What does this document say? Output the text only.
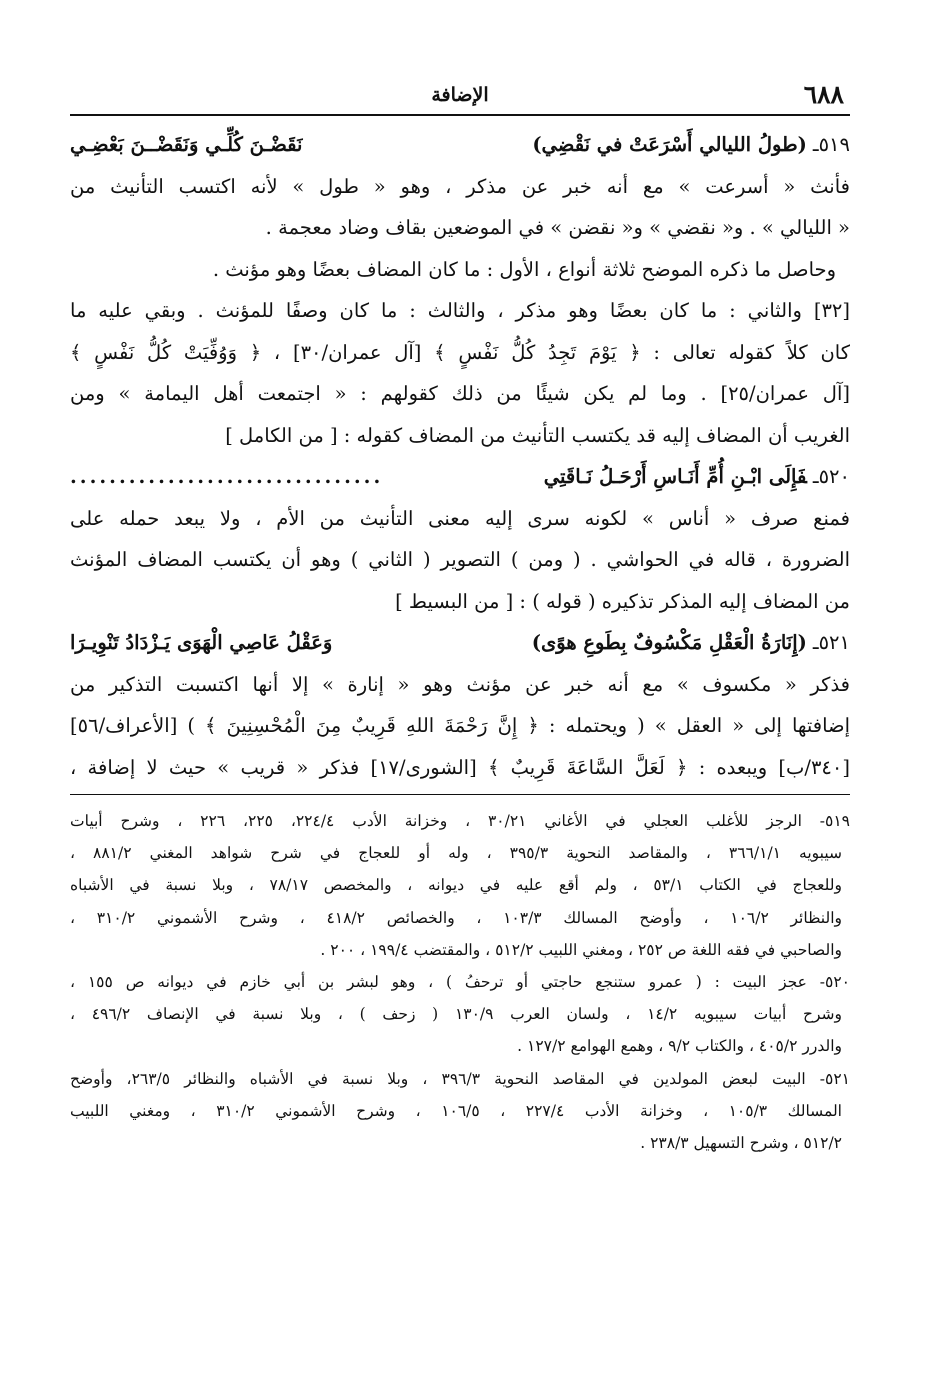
٦٨٨
الإضافة
٥١٩ـ(طولُ الليالي أَسْرَعَتْ في نَقْضِي)
نَقَضْـنَ كُلِّـي وَنَقَضْــنَ بَعْضِـي
فأنث « أسرعت » مع أنه خبر عن مذكر ، وهو « طول » لأنه اكتسب التأنيث من
« الليالي » . و« نقضي » و« نقضن » في الموضعين بقاف وضاد معجمة .
وحاصل ما ذكره الموضح ثلاثة أنواع ، الأول : ما كان المضاف بعضًا وهو مؤنث .
[٣٢] والثاني : ما كان بعضًا وهو مذكر ، والثالث : ما كان وصفًا للمؤنث . وبقي عليه ما
كان كلاً كقوله تعالى : ﴿ يَوْمَ تَجِدُ كُلُّ نَفْسٍ ﴾ [آل عمران/٣٠] ، ﴿ وَوُفِّيَتْ كُلُّ نَفْسٍ ﴾
[آل عمران/٢٥] . وما لم يكن شيئًا من ذلك كقولهم : « اجتمعت أهل اليمامة » ومن
الغريب أن المضاف إليه قد يكتسب التأنيث من المضاف كقوله : [ من الكامل ]
٥٢٠ـفَإِلَى ابْـنِ أُمِّ أَنَـاسِ أَرْحَـلُ نَـاقَتِي
................................
فمنع صرف « أناس » لكونه سرى إليه معنى التأنيث من الأم ، ولا يبعد حمله على
الضرورة ، قاله في الحواشي . ( ومن ) التصوير ( الثاني ) وهو أن يكتسب المضاف المؤنث
من المضاف إليه المذكر تذكيره ( قوله ) : [ من البسيط ]
٥٢١ـ(إِنَارَةُ الْعَقْلِ مَكْسُوفٌ بِطَوعِ هوًى)
وَعَقْلُ عَاصِي الْهَوَى يَـزْدَادُ تَنْوِيـرَا
فذكر « مكسوف » مع أنه خبر عن مؤنث وهو « إنارة » إلا أنها اكتسبت التذكير من
إضافتها إلى « العقل » ( ويحتمله : ﴿ إِنَّ رَحْمَةَ اللهِ قَرِيبٌ مِنَ الْمُحْسِنِينَ ﴾ ) [الأعراف/٥٦]
[٣٤٠/ب] ويبعده : ﴿ لَعَلَّ السَّاعَةَ قَرِيبٌ ﴾ [الشورى/١٧] فذكر « قريب » حيث لا إضافة ،
٥١٩- الرجز للأغلب العجلي في الأغاني ٣٠/٢١ ، وخزانة الأدب ٢٢٤/٤، ٢٢٥، ٢٢٦ ، وشرح أبيات
سيبويه ٣٦٦/١/١ ، والمقاصد النحوية ٣٩٥/٣ ، وله أو للعجاج في شرح شواهد المغني ٨٨١/٢ ،
وللعجاج في الكتاب ٥٣/١ ، ولم أقع عليه في ديوانه ، والمخصص ٧٨/١٧ ، وبلا نسبة في الأشباه
والنظائر ١٠٦/٢ ، وأوضح المسالك ١٠٣/٣ ، والخصائص ٤١٨/٢ ، وشرح الأشموني ٣١٠/٢ ،
والصاحبي في فقه اللغة ص ٢٥٢ ، ومغني اللبيب ٥١٢/٢ ، والمقتضب ١٩٩/٤ ، ٢٠٠ .
٥٢٠- عجز البيت : ( عمرو ستنجع حاجتي أو ترحفُ ) ، وهو لبشر بن أبي خازم في ديوانه ص ١٥٥ ،
وشرح أبيات سيبويه ١٤/٢ ، ولسان العرب ١٣٠/٩ ( زحف ) ، وبلا نسبة في الإنصاف ٤٩٦/٢ ،
والدرر ٤٠٥/٢ ، والكتاب ٩/٢ ، وهمع الهوامع ١٢٧/٢ .
٥٢١- البيت لبعض المولدين في المقاصد النحوية ٣٩٦/٣ ، وبلا نسبة في الأشباه والنظائر ٢٦٣/٥، وأوضح
المسالك ١٠٥/٣ ، وخزانة الأدب ٢٢٧/٤ ، ١٠٦/٥ ، وشرح الأشموني ٣١٠/٢ ، ومغني اللبيب
٥١٢/٢ ، وشرح التسهيل ٢٣٨/٣ .
